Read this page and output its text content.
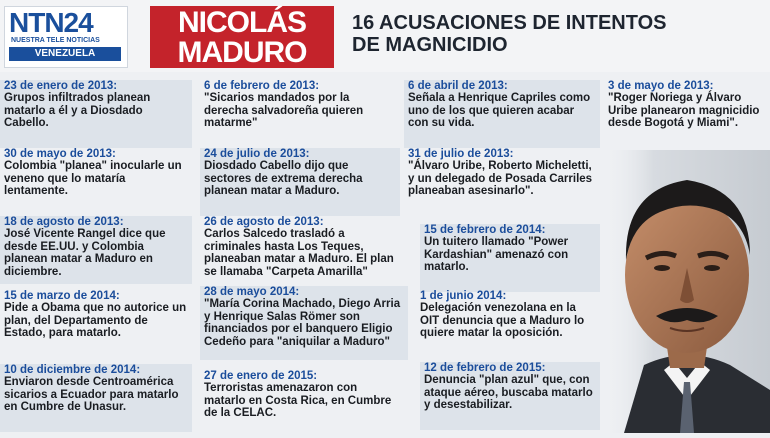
NTN24
NUESTRA TELE NOTICIAS
VENEZUELA
NICOLÁS
MADURO
16 ACUSACIONES DE INTENTOS
DE MAGNICIDIO
23 de enero de 2013:
Grupos infiltrados planean matarlo a él y a Diosdado Cabello.
6 de febrero de 2013:
"Sicarios mandados por la derecha salvadoreña quieren matarme"
6 de abril de 2013:
Señala a Henrique Capriles como uno de los que quieren acabar con su vida.
3 de mayo de 2013:
"Roger Noriega y Álvaro Uribe planearon magnicidio desde Bogotá y Miami".
30 de mayo de 2013:
Colombia "planea" inocularle un veneno que lo mataría lentamente.
24 de julio de 2013:
Diosdado Cabello dijo que sectores de extrema derecha planean matar a Maduro.
31 de julio de 2013:
"Álvaro Uribe, Roberto Micheletti, y un delegado de Posada Carriles planeaban asesinarlo".
18 de agosto de 2013:
José Vicente Rangel dice que desde EE.UU. y Colombia planean matar a Maduro en diciembre.
26 de agosto de 2013:
Carlos Salcedo trasladó a criminales hasta Los Teques, planeaban matar a Maduro. El plan se llamaba "Carpeta Amarilla"
15 de febrero de 2014:
Un tuitero llamado "Power Kardashian" amenazó con matarlo.
15 de marzo de 2014:
Pide a Obama que no autorice un plan, del Departamento de Estado, para matarlo.
28 de mayo 2014:
"María Corina Machado, Diego Arria y Henrique Salas Römer son financiados por el banquero Eligio Cedeño para "aniquilar a Maduro"
1 de junio 2014:
Delegación venezolana en la OIT denuncia que a Maduro lo quiere matar la oposición.
10 de diciembre de 2014:
Enviaron desde Centroamérica sicarios a Ecuador para matarlo en Cumbre de Unasur.
27 de enero de 2015:
Terroristas amenazaron con matarlo en Costa Rica, en Cumbre de la CELAC.
12 de febrero de 2015:
Denuncia "plan azul" que, con ataque aéreo, buscaba matarlo y desestabilizar.
